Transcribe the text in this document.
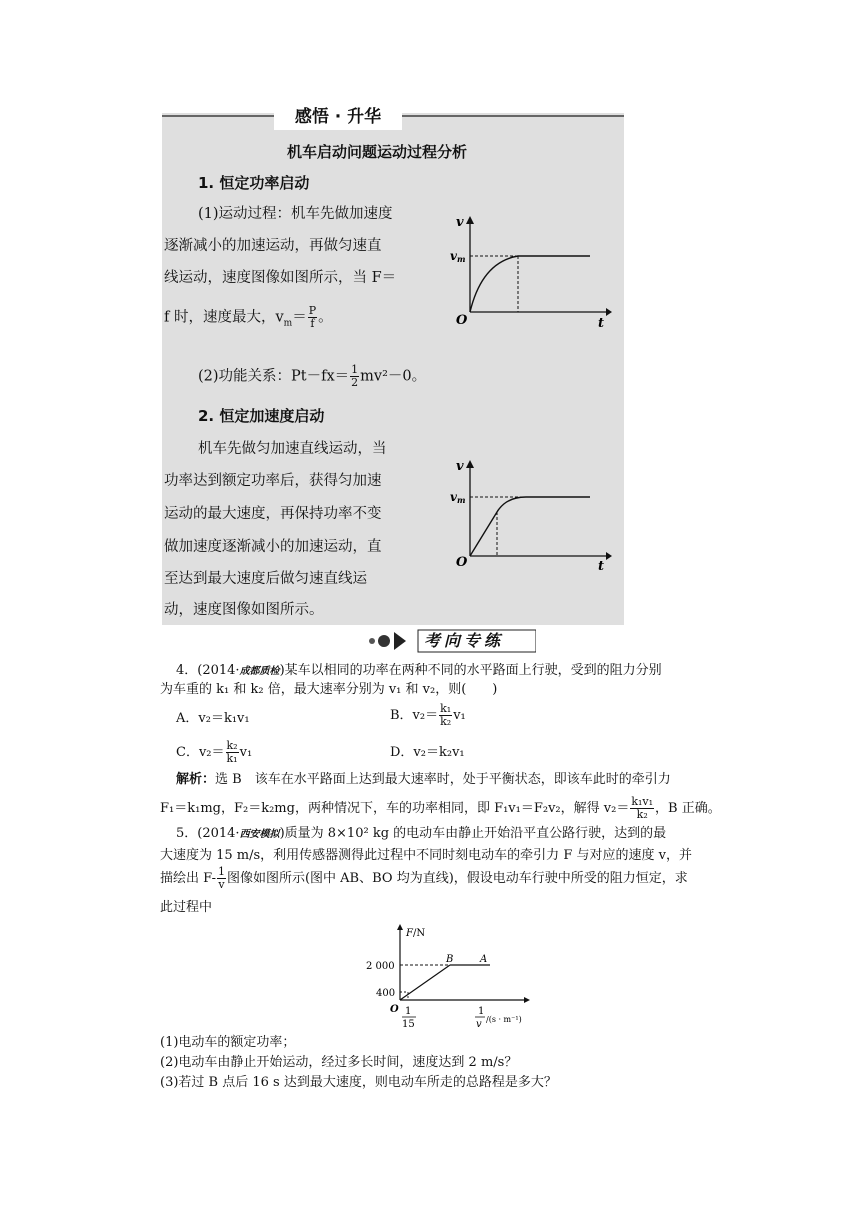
感悟 · 升华
机车启动问题运动过程分析
1. 恒定功率启动
(1)运动过程：机车先做加速度
逐渐减小的加速运动，再做匀速直
线运动，速度图像如图所示，当 F＝
f 时，速度最大，$v_m= \frac{P}{f}$ 。
(2)功能关系：$Pt-fx= \frac{1}{2} mv^2-0$。
2. 恒定加速度启动
机车先做匀加速直线运动，当
功率达到额定功率后，获得匀加速
运动的最大速度，再保持功率不变
做加速度逐渐减小的加速运动，直
至达到最大速度后做匀速直线运
动，速度图像如图所示。
v
vm
O	t
v
vm
O	t
考向专练
4．(2014·成都质检)某车以相同的功率在两种不同的水平路面上行驶，受到的阻力分别
为车重的 k₁ 和 k₂ 倍，最大速率分别为 v₁ 和 v₂，则(　　)
A．v₂＝k₁v₁	B．$v_2= \frac{\text{k₁}}{\text{k₂}} v_1$
C．$v_2= \frac{\text{k₂}}{\text{k₁}} v_1$	D．v₂＝k₂v₁
解析：选 B　该车在水平路面上达到最大速率时，处于平衡状态，即该车此时的牵引力
F₁＝k₁mg，F₂＝k₂mg，两种情况下，车的功率相同，即 F₁v₁＝F₂v₂，解得 $v_2= \frac{\text{k₁v₁}}{\text{k₂}}$ ，B 正确。
5．(2014·西安模拟)质量为 8×10² kg 的电动车由静止开始沿平直公路行驶，达到的最
大速度为 15 m/s，利用传感器测得此过程中不同时刻电动车的牵引力 F 与对应的速度 v，并
描绘出 $F- \frac{1}{v}$ 图像如图所示(图中 AB、BO 均为直线)，假设电动车行驶中所受的阻力恒定，求
此过程中
F/N
2 000
400
O
B	A
1
15
1
v /(s · m⁻¹)
(1)电动车的额定功率；
(2)电动车由静止开始运动，经过多长时间，速度达到 2 m/s？
(3)若过 B 点后 16 s 达到最大速度，则电动车所走的总路程是多大？
